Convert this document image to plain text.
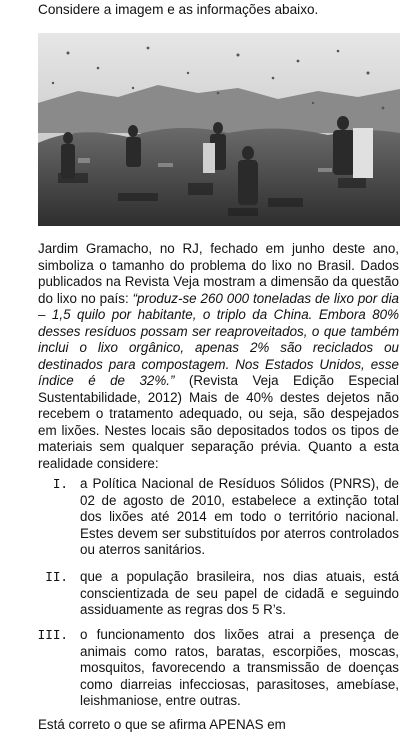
Considere a imagem e as informações abaixo.

Jardim Gramacho, no RJ, fechado em junho deste ano, simboliza o tamanho do problema do lixo no Brasil. Dados publicados na Revista Veja mostram a dimensão da questão do lixo no país: “produz-se 260 000 toneladas de lixo por dia – 1,5 quilo por habitante, o triplo da China. Embora 80% desses resíduos possam ser reaproveitados, o que também inclui o lixo orgânico, apenas 2% são reciclados ou destinados para compostagem. Nos Estados Unidos, esse índice é de 32%.” (Revista Veja Edição Especial Sustentabilidade, 2012) Mais de 40% destes dejetos não recebem o tratamento adequado, ou seja, são despejados em lixões. Nestes locais são depositados todos os tipos de materiais sem qualquer separação prévia. Quanto a esta realidade considere:

I. a Política Nacional de Resíduos Sólidos (PNRS), de 02 de agosto de 2010, estabelece a extinção total dos lixões até 2014 em todo o território nacional. Estes devem ser substituídos por aterros controlados ou aterros sanitários.
II. que a população brasileira, nos dias atuais, está conscientizada de seu papel de cidadã e seguindo assiduamente as regras dos 5 R’s.
III. o funcionamento dos lixões atrai a presença de animais como ratos, baratas, escorpiões, moscas, mosquitos, favorecendo a transmissão de doenças como diarreias infecciosas, parasitoses, amebíase, leishmaniose, entre outras.

Está correto o que se afirma APENAS em
